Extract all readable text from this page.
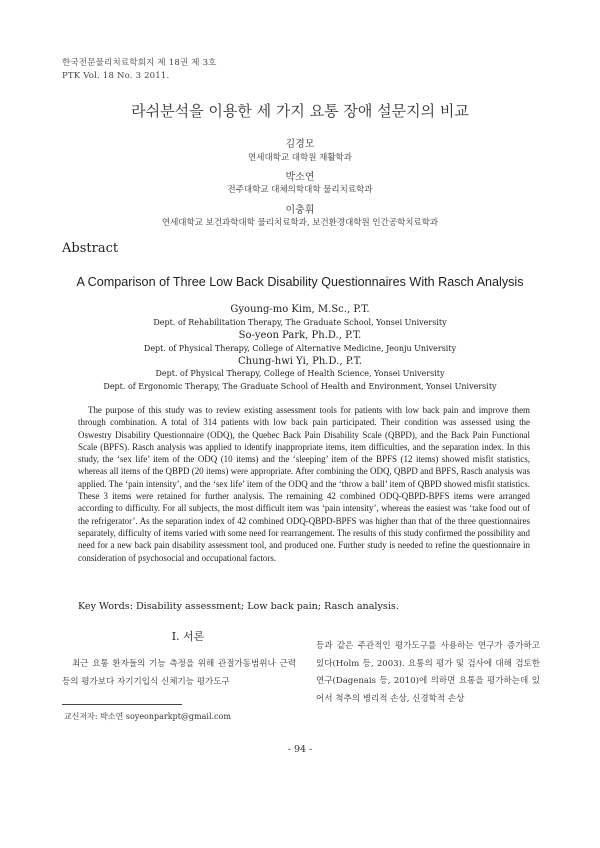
한국전문물리치료학회지 제 18권 제 3호
PTK Vol. 18 No. 3 2011.
라쉬분석을 이용한 세 가지 요통 장애 설문지의 비교
김경모
연세대학교 대학원 재활학과
박소연
전주대학교 대체의학대학 물리치료학과
이충휘
연세대학교 보건과학대학 물리치료학과, 보건환경대학원 인간공학치료학과
Abstract
A Comparison of Three Low Back Disability Questionnaires With Rasch Analysis
Gyoung-mo Kim, M.Sc., P.T.
Dept. of Rehabilitation Therapy, The Graduate School, Yonsei University
So-yeon Park, Ph.D., P.T.
Dept. of Physical Therapy, College of Alternative Medicine, Jeonju University
Chung-hwi Yi, Ph.D., P.T.
Dept. of Physical Therapy, College of Health Science, Yonsei University
Dept. of Ergonomic Therapy, The Graduate School of Health and Environment, Yonsei University

The purpose of this study was to review existing assessment tools for patients with low back pain and improve them through combination. A total of 314 patients with low back pain participated. Their condition was assessed using the Oswestry Disability Questionnaire (ODQ), the Quebec Back Pain Disability Scale (QBPD), and the Back Pain Functional Scale (BPFS). Rasch analysis was applied to identify inappropriate items, item difficulties, and the separation index. In this study, the ‘sex life’ item of the ODQ (10 items) and the ‘sleeping’ item of the BPFS (12 items) showed misfit statistics, whereas all items of the QBPD (20 items) were appropriate. After combining the ODQ, QBPD and BPFS, Rasch analysis was applied. The ‘pain intensity’, and the ‘sex life’ item of the ODQ and the ‘throw a ball’ item of QBPD showed misfit statistics. These 3 items were retained for further analysis. The remaining 42 combined ODQ-QBPD-BPFS items were arranged according to difficulty. For all subjects, the most difficult item was ‘pain intensity’, whereas the easiest was ‘take food out of the refrigerator’. As the separation index of 42 combined ODQ-QBPD-BPFS was higher than that of the three questionnaires separately, difficulty of items varied with some need for rearrangement. The results of this study confirmed the possibility and need for a new back pain disability assessment tool, and produced one. Further study is needed to refine the questionnaire in consideration of psychosocial and occupational factors.

Key Words: Disability assessment; Low back pain; Rasch analysis.
Ⅰ. 서론

최근 요통 환자들의 기능 측정을 위해 관절가동범위나 근력 등의 평가보다 자기기입식 신체기능 평가도구

등과 같은 주관적인 평가도구를 사용하는 연구가 증가하고 있다(Holm 등, 2003). 요통의 평가 및 검사에 대해 검토한 연구(Dagenais 등, 2010)에 의하면 요통을 평가하는데 있어서 척추의 병리적 손상, 신경학적 손상

교신저자: 박소연 soyeonparkpt@gmail.com
- 94 -
